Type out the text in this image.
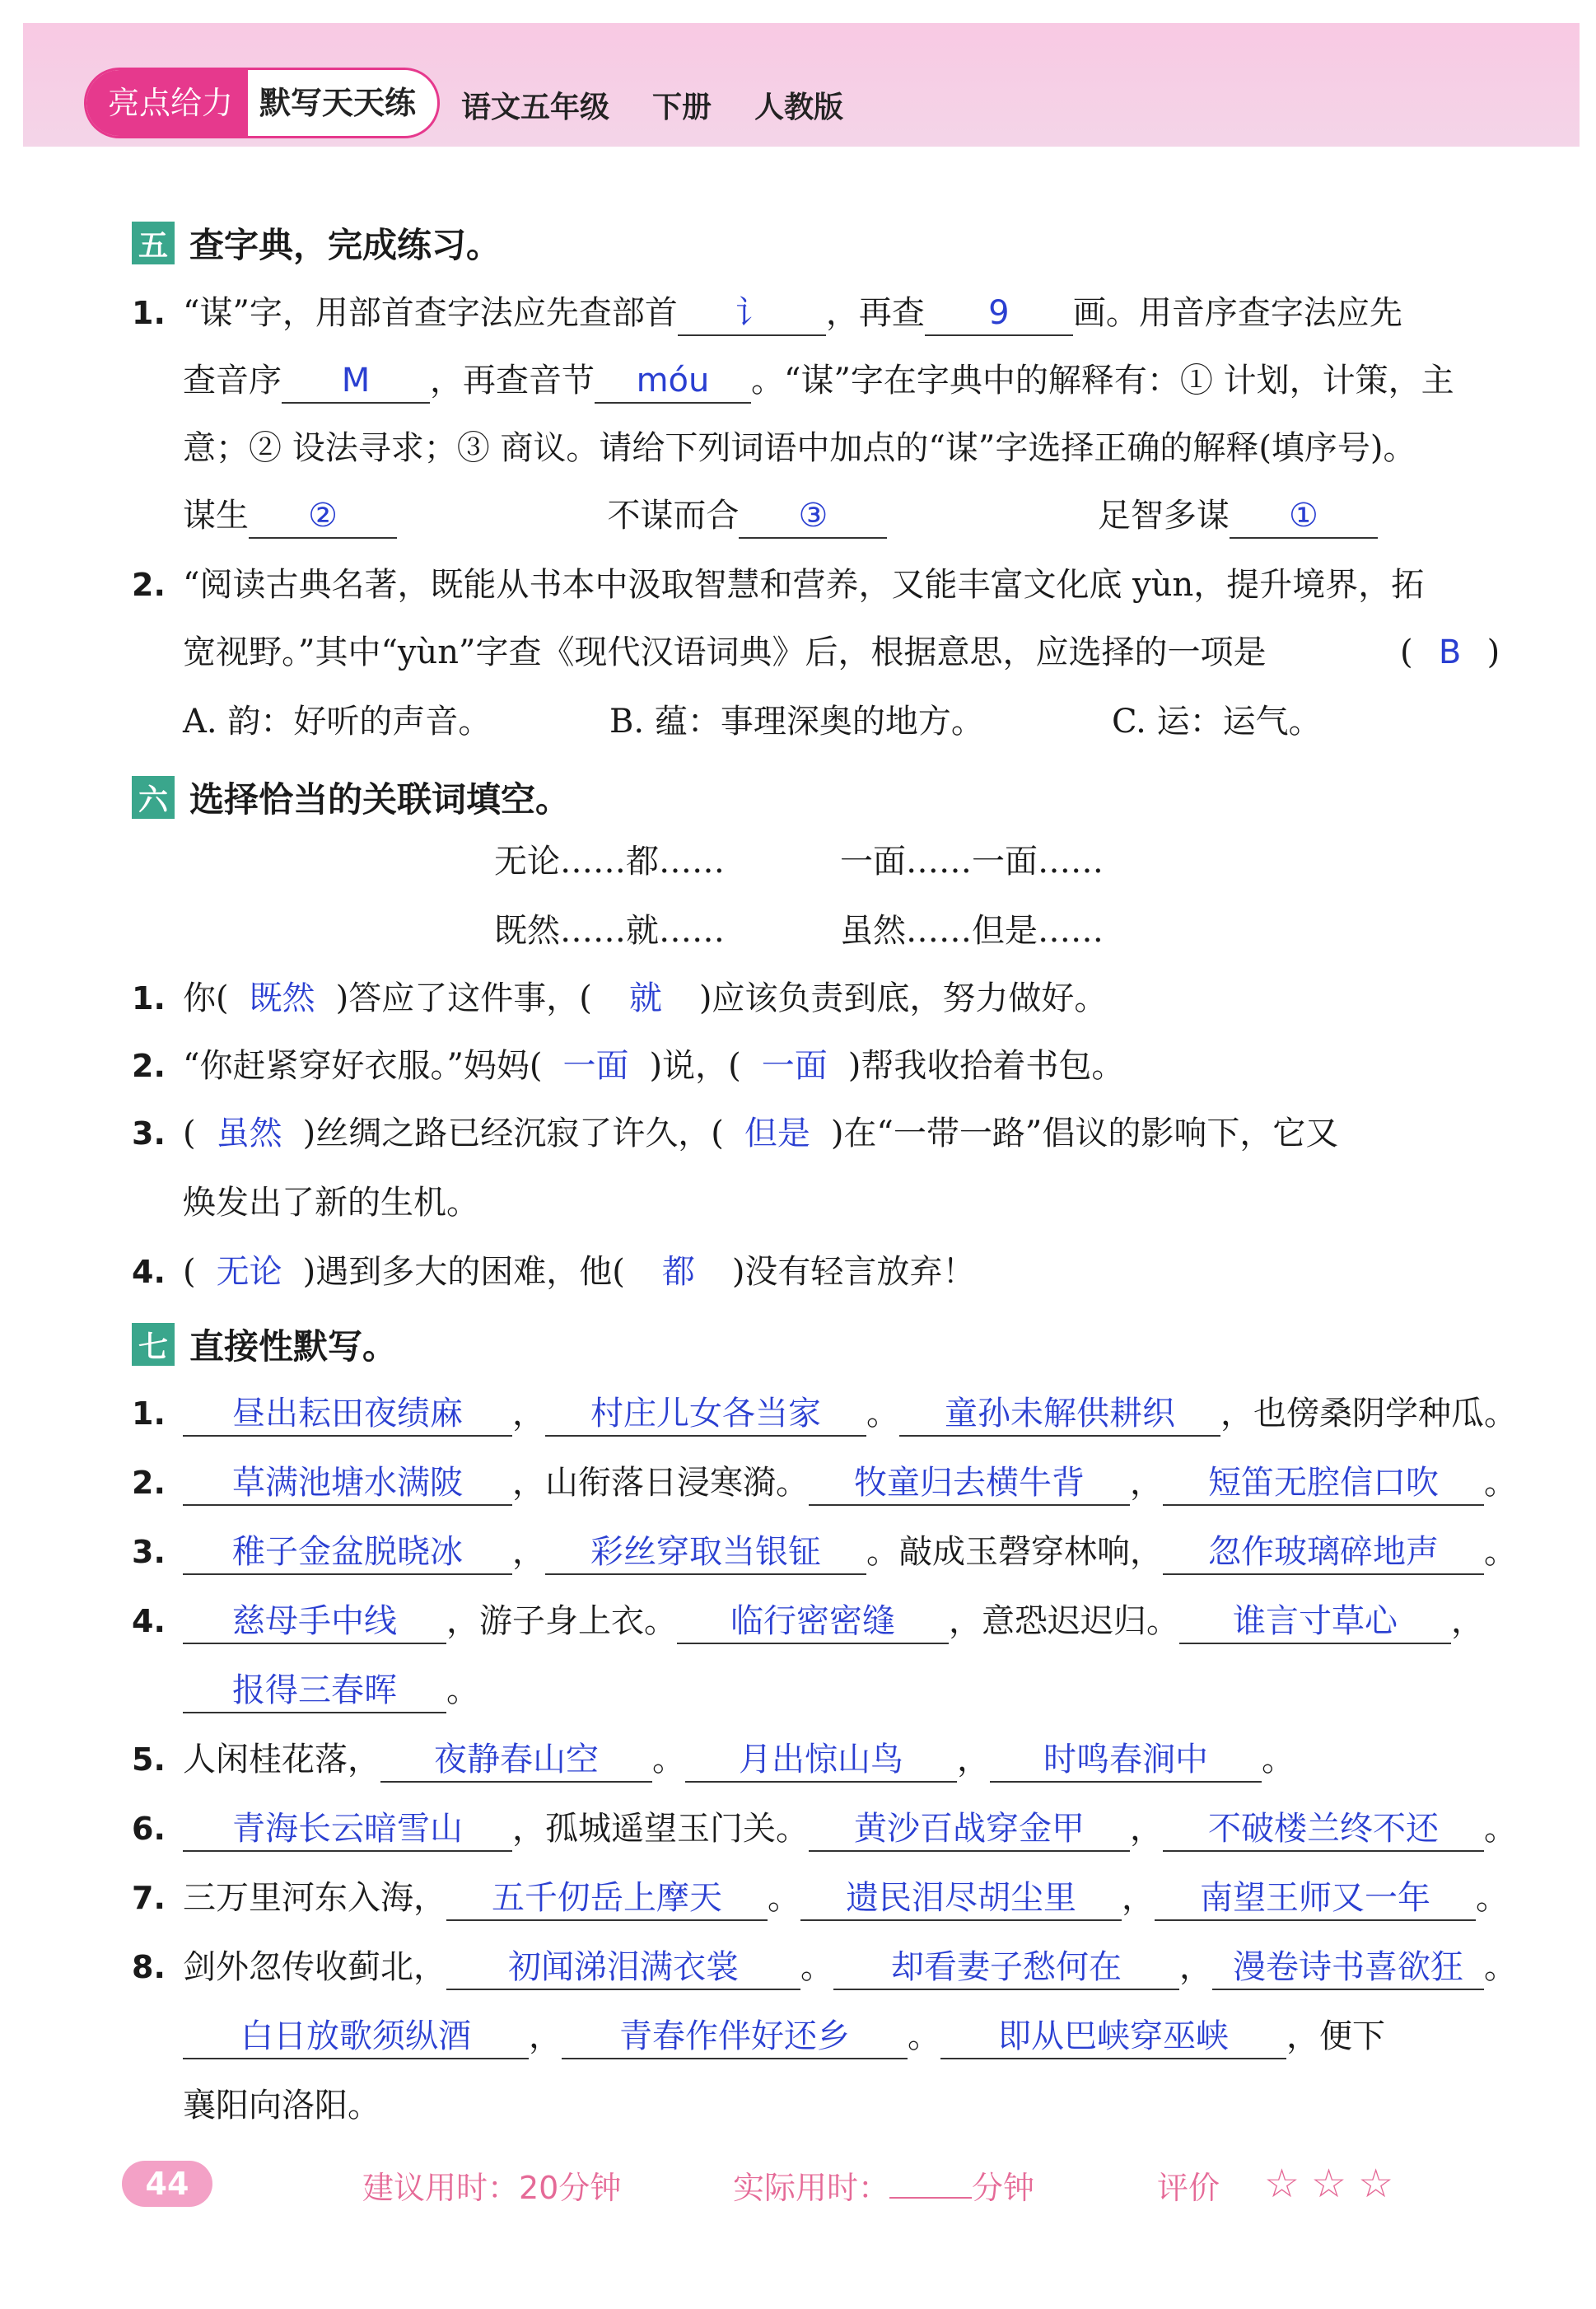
亮点给力 默写天天练	语文五年级 下册 人教版
五 查字典，完成练习。
1. “谋”字，用部首查字法应先查部首 讠 ，再查 9 画。用音序查字法应先
查音序 M ，再查音节 móu 。“谋”字在字典中的解释有：① 计划，计策，主
意；② 设法寻求；③ 商议。请给下列词语中加点的“谋”字选择正确的解释(填序号)。
谋生 ②	不谋而合 ③	足智多谋 ①
2. “阅读古典名著，既能从书本中汲取智慧和营养，又能丰富文化底 yùn，提升境界，拓
宽视野。”其中“yùn”字查《现代汉语词典》后，根据意思，应选择的一项是	( B )
A. 韵：好听的声音。	B. 蕴：事理深奥的地方。	C. 运：运气。
六 选择恰当的关联词填空。
无论……都……	一面……一面……
既然……就……	虽然……但是……
1. 你( 既然 )答应了这件事，( 就 )应该负责到底，努力做好。
2. “你赶紧穿好衣服。”妈妈( 一面 )说，( 一面 )帮我收拾着书包。
3. ( 虽然 )丝绸之路已经沉寂了许久，( 但是 )在“一带一路”倡议的影响下，它又
焕发出了新的生机。
4. ( 无论 )遇到多大的困难，他( 都 )没有轻言放弃！
七 直接性默写。
1.	昼出耘田夜绩麻 ， 村庄儿女各当家 。 童孙未解供耕织 ，也傍桑阴学种瓜。
2.	草满池塘水满陂 ，山衔落日浸寒漪。 牧童归去横牛背 ， 短笛无腔信口吹 。
3.	稚子金盆脱晓冰 ， 彩丝穿取当银钲 。敲成玉磬穿林响， 忽作玻璃碎地声 。
4.	慈母手中线 ，游子身上衣。 临行密密缝 ，意恐迟迟归。 谁言寸草心 ，
报得三春晖 。
5. 人闲桂花落， 夜静春山空 。 月出惊山鸟 ， 时鸣春涧中 。
6.	青海长云暗雪山 ，孤城遥望玉门关。 黄沙百战穿金甲 ， 不破楼兰终不还 。
7. 三万里河东入海， 五千仞岳上摩天 。 遗民泪尽胡尘里 ， 南望王师又一年 。
8. 剑外忽传收蓟北， 初闻涕泪满衣裳 。 却看妻子愁何在 ， 漫卷诗书喜欲狂 。
白日放歌须纵酒 ， 青春作伴好还乡 。 即从巴峡穿巫峡 ，便下
襄阳向洛阳。
44	建议用时：20分钟	实际用时：	分钟	评价 ☆ ☆ ☆
